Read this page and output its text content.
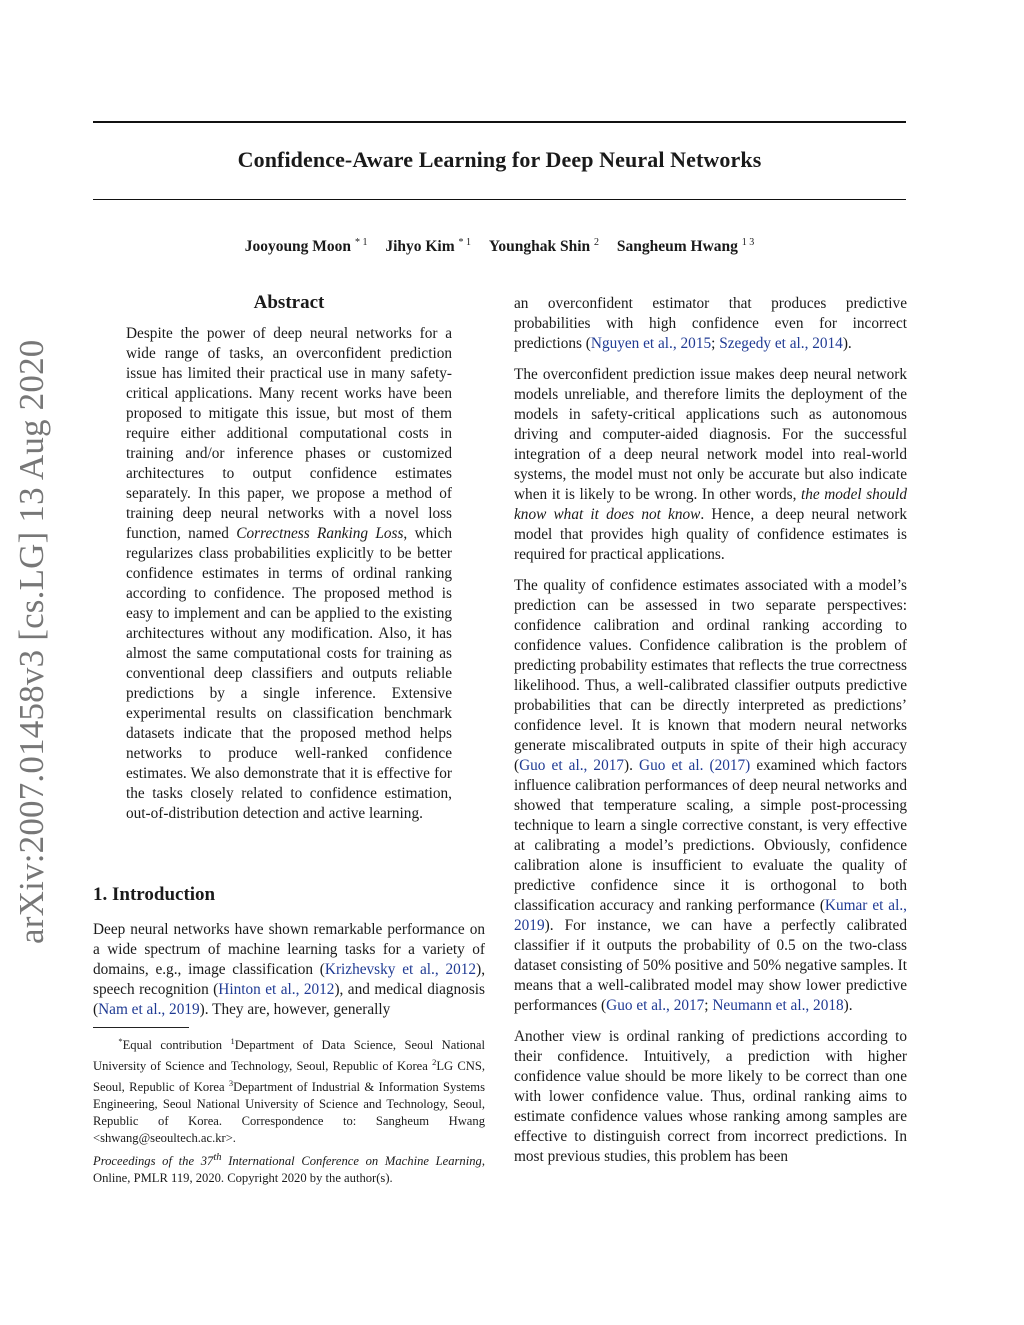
arXiv:2007.01458v3 [cs.LG] 13 Aug 2020
Confidence-Aware Learning for Deep Neural Networks
Jooyoung Moon $^{* 1}$ Jihyo Kim $^{* 1}$ Younghak Shin $^2$ Sangheum Hwang $^{1 3}$
Abstract
Despite the power of deep neural networks for a wide range of tasks, an overconfident prediction issue has limited their practical use in many safety-critical applications. Many recent works have been proposed to mitigate this issue, but most of them require either additional computational costs in training and/or inference phases or customized architectures to output confidence estimates separately. In this paper, we propose a method of training deep neural networks with a novel loss function, named Correctness Ranking Loss, which regularizes class probabilities explicitly to be better confidence estimates in terms of ordinal ranking according to confidence. The proposed method is easy to implement and can be applied to the existing architectures without any modification. Also, it has almost the same computational costs for training as conventional deep classifiers and outputs reliable predictions by a single inference. Extensive experimental results on classification benchmark datasets indicate that the proposed method helps networks to produce well-ranked confidence estimates. We also demonstrate that it is effective for the tasks closely related to confidence estimation, out-of-distribution detection and active learning.
1. Introduction
Deep neural networks have shown remarkable performance on a wide spectrum of machine learning tasks for a variety of domains, e.g., image classification (Krizhevsky et al., 2012), speech recognition (Hinton et al., 2012), and medical diagnosis (Nam et al., 2019). They are, however, generally
*Equal contribution $^1$Department of Data Science, Seoul National University of Science and Technology, Seoul, Republic of Korea $^2$LG CNS, Seoul, Republic of Korea $^3$Department of Industrial & Information Systems Engineering, Seoul National University of Science and Technology, Seoul, Republic of Korea. Correspondence to: Sangheum Hwang <shwang@seoultech.ac.kr>.
Proceedings of the 37th International Conference on Machine Learning, Online, PMLR 119, 2020. Copyright 2020 by the author(s).

an overconfident estimator that produces predictive probabilities with high confidence even for incorrect predictions (Nguyen et al., 2015; Szegedy et al., 2014).

The overconfident prediction issue makes deep neural network models unreliable, and therefore limits the deployment of the models in safety-critical applications such as autonomous driving and computer-aided diagnosis. For the successful integration of a deep neural network model into real-world systems, the model must not only be accurate but also indicate when it is likely to be wrong. In other words, the model should know what it does not know. Hence, a deep neural network model that provides high quality of confidence estimates is required for practical applications.

The quality of confidence estimates associated with a model’s prediction can be assessed in two separate perspectives: confidence calibration and ordinal ranking according to confidence values. Confidence calibration is the problem of predicting probability estimates that reflects the true correctness likelihood. Thus, a well-calibrated classifier outputs predictive probabilities that can be directly interpreted as predictions’ confidence level. It is known that modern neural networks generate miscalibrated outputs in spite of their high accuracy (Guo et al., 2017). Guo et al. (2017) examined which factors influence calibration performances of deep neural networks and showed that temperature scaling, a simple post-processing technique to learn a single corrective constant, is very effective at calibrating a model’s predictions. Obviously, confidence calibration alone is insufficient to evaluate the quality of predictive confidence since it is orthogonal to both classification accuracy and ranking performance (Kumar et al., 2019). For instance, we can have a perfectly calibrated classifier if it outputs the probability of 0.5 on the two-class dataset consisting of 50% positive and 50% negative samples. It means that a well-calibrated model may show lower predictive performances (Guo et al., 2017; Neumann et al., 2018).

Another view is ordinal ranking of predictions according to their confidence. Intuitively, a prediction with higher confidence value should be more likely to be correct than one with lower confidence value. Thus, ordinal ranking aims to estimate confidence values whose ranking among samples are effective to distinguish correct from incorrect predictions. In most previous studies, this problem has been
